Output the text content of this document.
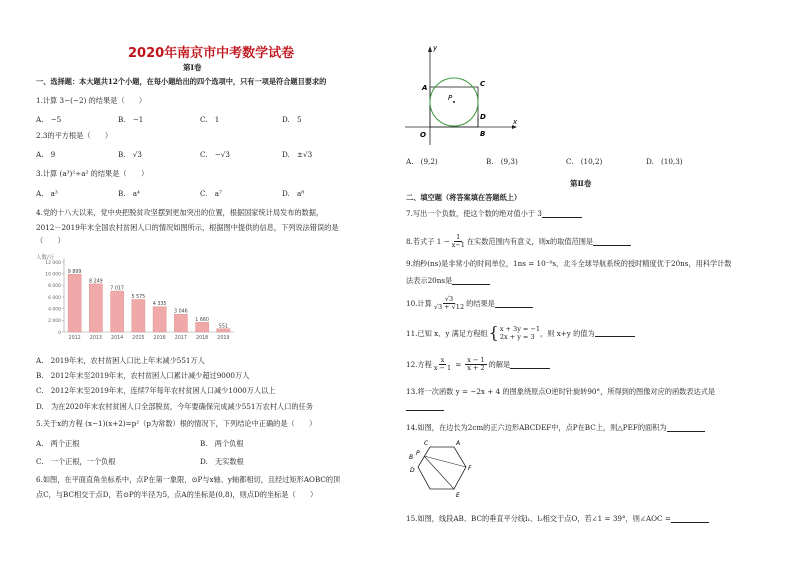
2020年南京市中考数学试卷
第Ⅰ卷
一、选择题：本大题共12个小题，在每小题给出的四个选项中，只有一项是符合题目要求的
1.计算 3−(−2) 的结果是（　　）
A.　−5	B.　−1	C.　1	D.　5
2.3的平方根是（　　）
A.　9	B.　√3	C.　−√3	D.　±√3
3.计算 (a³)²÷a² 的结果是（　　）
A.　a³	B.　a⁴	C.　a⁷	D.　a⁸
4.党的十八大以来，党中央把脱贫攻坚摆到更加突出的位置，根据国家统计局发布的数据，
2012－2019年末全国农村贫困人口的情况如图所示，根据图中提供的信息，下列说法错误的是
（　　）
人数/万
0
2 000
4 000
6 000
8 000
10 000
12 000
9 899
2012
8 249
2013
7 017
2014
5 575
2015
4 335
2016
3 046
2017
1 660
2018
551
2019
A.　2019年末，农村贫困人口比上年末减少551万人
B.　2012年末至2019年末，农村贫困人口累计减少超过9000万人
C.　2012年末至2019年末，连续7年每年农村贫困人口减少1000万人以上
D.　为在2020年末农村贫困人口全部脱贫，今年要确保完成减少551万农村人口的任务
5.关于x的方程 (x−1)(x+2)=p²（p为常数）根的情况下，下列结论中正确的是（　　）
A.　两个正根	B.　两个负根
C.　一个正根，一个负根	D.　无实数根
6.如图，在平面直角坐标系中，点P在第一象限，⊙P与x轴、y轴都相切，且经过矩形AOBC的顶
点C，与BC相交于点D，若⊙P的半径为5，点A的坐标是(0,8)，则点D的坐标是（　　）
y
x
O
A
B
C
D
P
A.　(9,2)	B.　(9,3)	C.　(10,2)	D.　(10,3)
第Ⅱ卷
二、填空题（将答案填在答题纸上）
7.写出一个负数，使这个数的绝对值小于 3
8.若式子 $1 - \frac{1}{x-1}$ 在实数范围内有意义，则x的取值范围是
9.纳秒(ns)是非常小的时间单位，1ns = 10⁻⁹s，北斗全球导航系统的授时精度优于20ns，用科学计数
法表示20ns是
10.计算 $\frac{√3}{√3 + √12}$ 的结果是
11.已知 x、y 满足方程组 { x + 3y = −1
2x + y = 3 ，则 x+y 的值为
12.方程 $\frac{x}{x - 1} = \frac{x - 1}{x + 2}$ 的解是
13.将一次函数 y = −2x + 4 的图象绕原点O逆时针旋转90°，所得到的图像对应的函数表达式是
14.如图，在边长为2cm的正六边形ABCDEF中，点P在BC上，则△PEF的面积为
B
C	A
P
D	F
E
15.如图，线段AB、BC的垂直平分线l₁、l₂相交于点O，若∠1 = 39°，则∠AOC =
